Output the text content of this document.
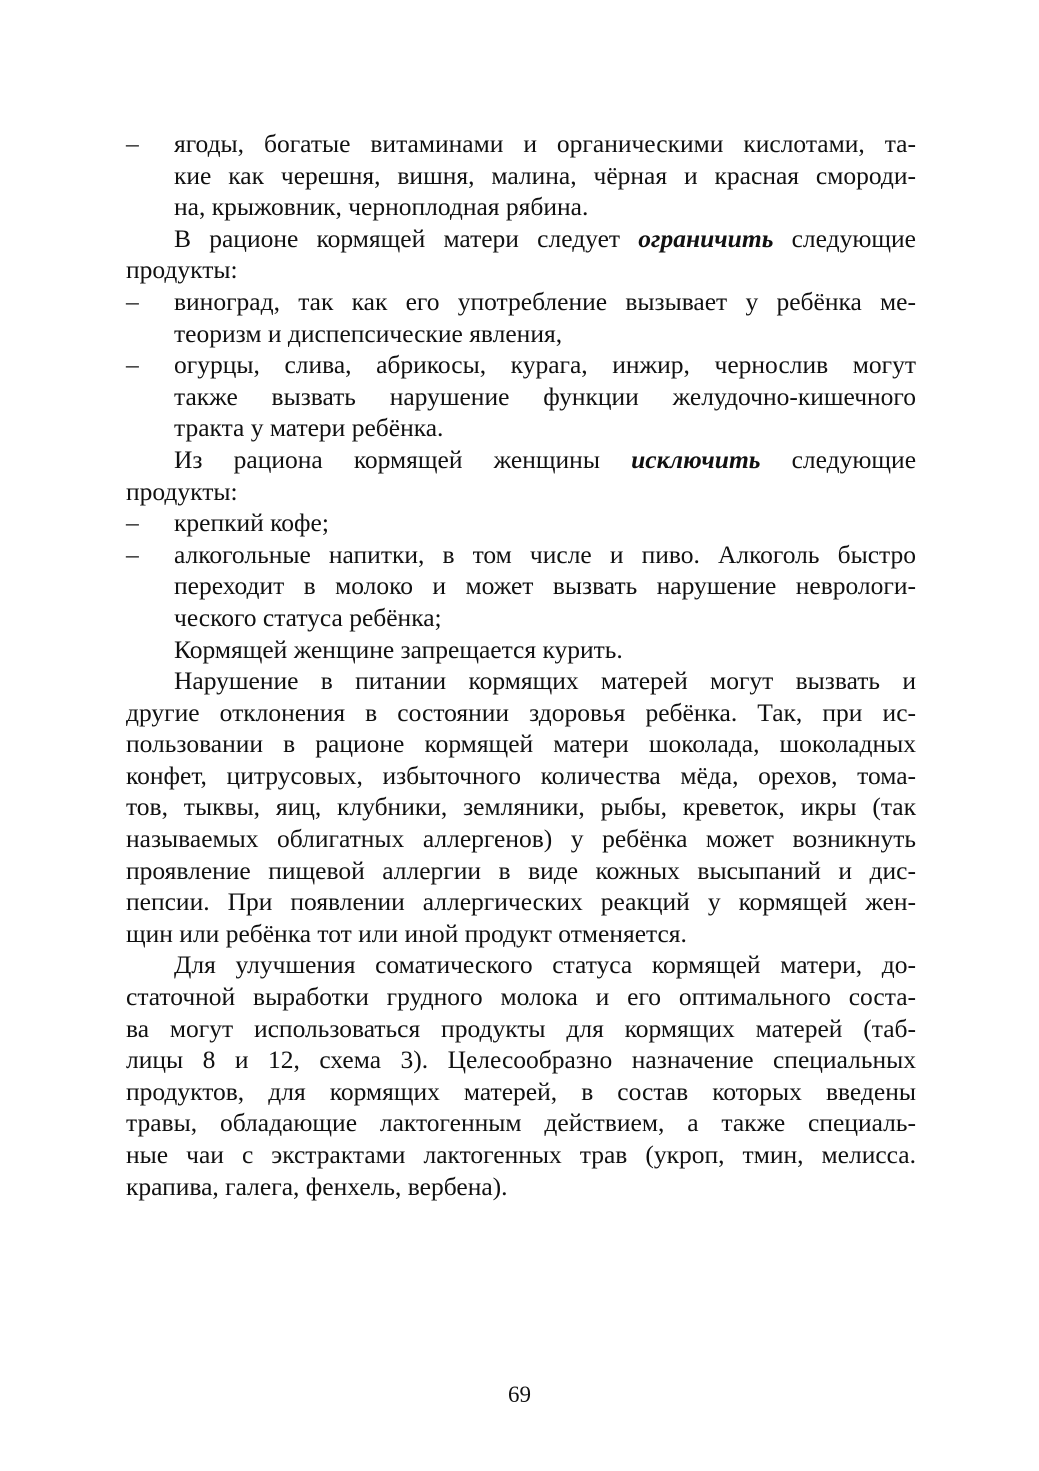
–	ягоды, богатые витаминами и органическими кислотами, та-
кие как черешня, вишня, малина, чёрная и красная смороди-
на, крыжовник, черноплодная рябина.
В рационе кормящей матери следует ограничить следующие
продукты:
–	виноград, так как его употребление вызывает у ребёнка ме-
теоризм и диспепсические явления,
–	огурцы, слива, абрикосы, курага, инжир, чернослив могут
также вызвать нарушение функции желудочно-кишечного
тракта у матери ребёнка.
Из рациона кормящей женщины исключить следующие
продукты:
–	крепкий кофе;
–	алкогольные напитки, в том числе и пиво. Алкоголь быстро
переходит в молоко и может вызвать нарушение неврологи-
ческого статуса ребёнка;
Кормящей женщине запрещается курить.
Нарушение в питании кормящих матерей могут вызвать и
другие отклонения в состоянии здоровья ребёнка. Так, при ис-
пользовании в рационе кормящей матери шоколада, шоколадных
конфет, цитрусовых, избыточного количества мёда, орехов, тома-
тов, тыквы, яиц, клубники, земляники, рыбы, креветок, икры (так
называемых облигатных аллергенов) у ребёнка может возникнуть
проявление пищевой аллергии в виде кожных высыпаний и дис-
пепсии. При появлении аллергических реакций у кормящей жен-
щин или ребёнка тот или иной продукт отменяется.
Для улучшения соматического статуса кормящей матери, до-
статочной выработки грудного молока и его оптимального соста-
ва могут использоваться продукты для кормящих матерей (таб-
лицы 8 и 12, схема 3). Целесообразно назначение специальных
продуктов, для кормящих матерей, в состав которых введены
травы, обладающие лактогенным действием, а также специаль-
ные чаи с экстрактами лактогенных трав (укроп, тмин, мелисса.
крапива, галега, фенхель, вербена).
69
